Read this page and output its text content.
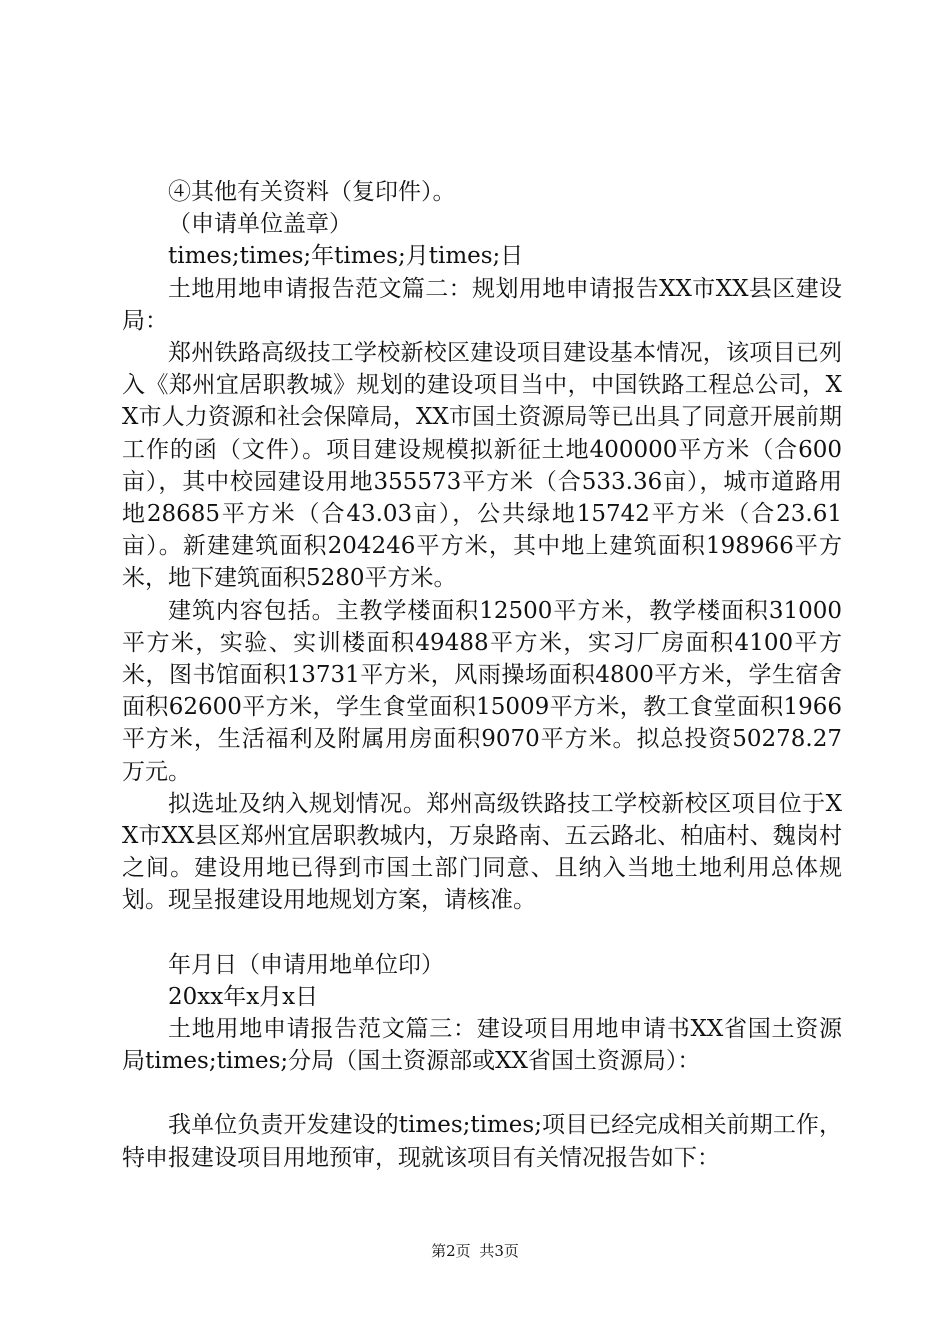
④其他有关资料（复印件）。

（申请单位盖章）

times;times;年times;月times;日

土地用地申请报告范文篇二：规划用地申请报告XX市XX县区建设局：

郑州铁路高级技工学校新校区建设项目建设基本情况，该项目已列入《郑州宜居职教城》规划的建设项目当中，中国铁路工程总公司，XX市人力资源和社会保障局，XX市国土资源局等已出具了同意开展前期工作的函（文件）。项目建设规模拟新征土地400000平方米（合600亩），其中校园建设用地355573平方米（合533.36亩），城市道路用地28685平方米（合43.03亩），公共绿地15742平方米（合23.61亩）。新建建筑面积204246平方米，其中地上建筑面积198966平方米，地下建筑面积5280平方米。

建筑内容包括。主教学楼面积12500平方米，教学楼面积31000平方米，实验、实训楼面积49488平方米，实习厂房面积4100平方米，图书馆面积13731平方米，风雨操场面积4800平方米，学生宿舍面积62600平方米，学生食堂面积15009平方米，教工食堂面积1966平方米，生活福利及附属用房面积9070平方米。拟总投资50278.27万元。

拟选址及纳入规划情况。郑州高级铁路技工学校新校区项目位于XX市XX县区郑州宜居职教城内，万泉路南、五云路北、柏庙村、魏岗村之间。建设用地已得到市国土部门同意、且纳入当地土地利用总体规划。现呈报建设用地规划方案，请核准。

年月日（申请用地单位印）

20xx年x月x日

土地用地申请报告范文篇三：建设项目用地申请书XX省国土资源局times;times;分局（国土资源部或XX省国土资源局）：

我单位负责开发建设的times;times;项目已经完成相关前期工作，特申报建设项目用地预审，现就该项目有关情况报告如下：

第2页 共3页
